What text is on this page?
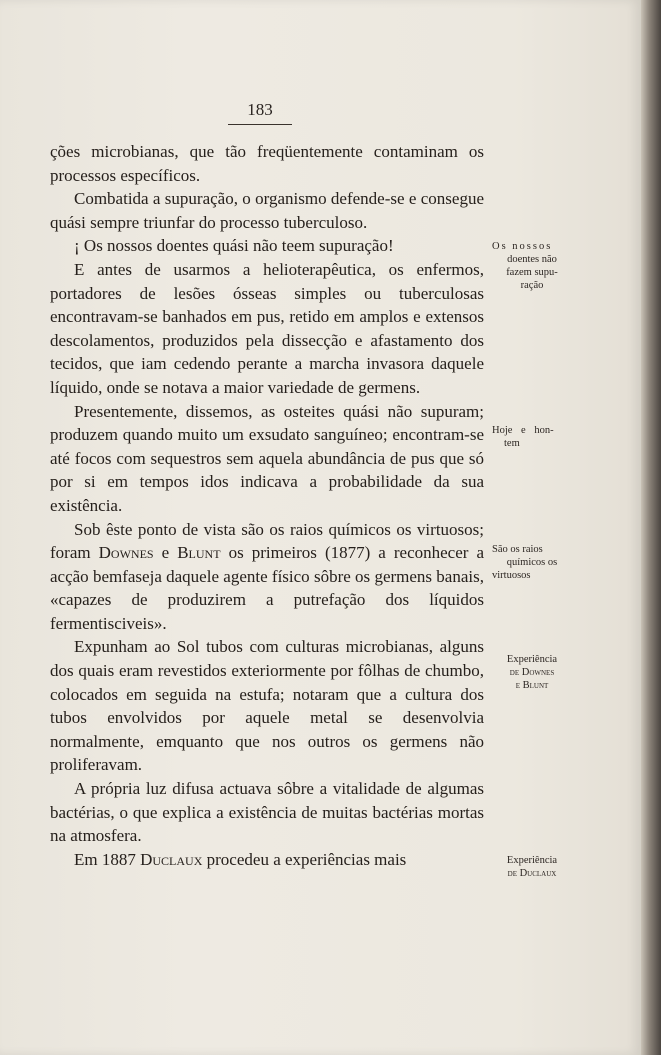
183

ções microbianas, que tão freqüentemente contaminam os processos específicos.

Combatida a supuração, o organismo defende-se e consegue quási sempre triunfar do processo tuberculoso.

¡ Os nossos doentes quási não teem supuração!

E antes de usarmos a helioterapêutica, os enfermos, portadores de lesões ósseas simples ou tuberculosas encontravam-se banhados em pus, retido em amplos e extensos descolamentos, produzidos pela dissecção e afastamento dos tecidos, que iam cedendo perante a marcha invasora daquele líquido, onde se notava a maior variedade de germens.

Presentemente, dissemos, as osteites quási não supuram; produzem quando muito um exsudato sanguíneo; encontram-se até focos com sequestros sem aquela abundância de pus que só por si em tempos idos indicava a probabilidade da sua existência.

Sob êste ponto de vista são os raios químicos os virtuosos; foram Downes e Blunt os primeiros (1877) a reconhecer a acção bemfaseja daquele agente físico sôbre os germens banais, «capazes de produzirem a putrefação dos líquidos fermentisciveis».

Expunham ao Sol tubos com culturas microbianas, alguns dos quais eram revestidos exteriormente por fôlhas de chumbo, colocados em seguida na estufa; notaram que a cultura dos tubos envolvidos por aquele metal se desenvolvia normalmente, emquanto que nos outros os germens não proliferavam.

A própria luz difusa actuava sôbre a vitalidade de algumas bactérias, o que explica a existência de muitas bactérias mortas na atmosfera.

Em 1887 Duclaux procedeu a experiências mais

Os nossos
doentes não
fazem supu-
ração
Hoje e hon-
tem
São os raios
químicos os
virtuosos
Experiência
de Downes
e Blunt
Experiência
de Duclaux
